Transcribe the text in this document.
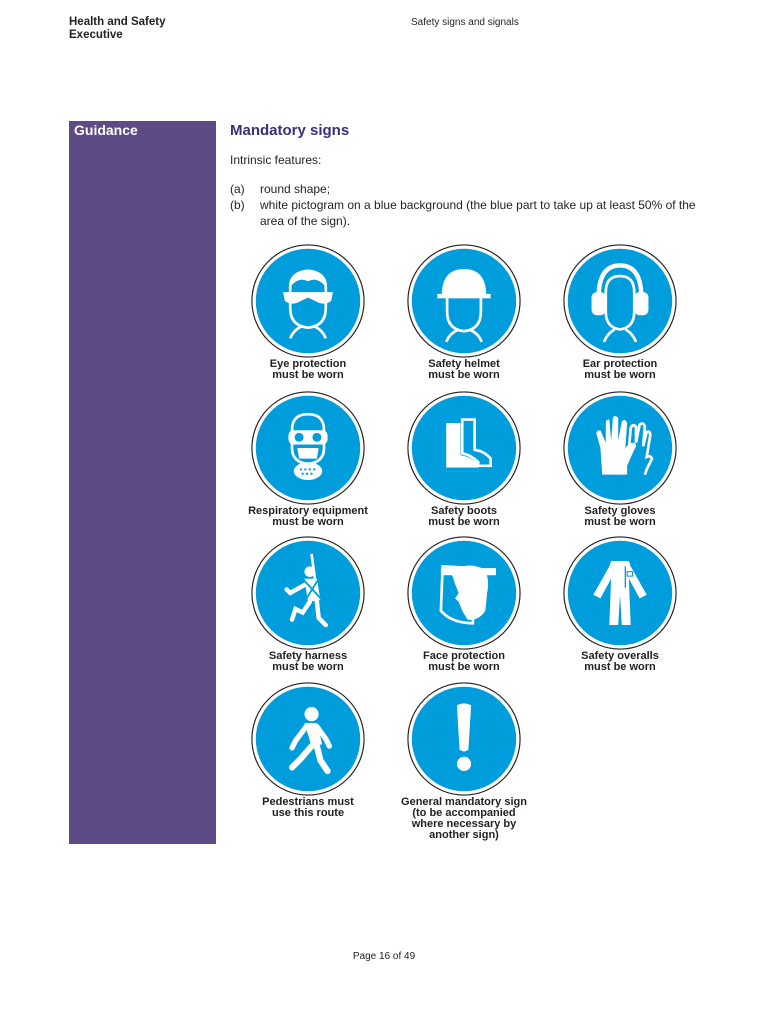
Health and Safety
Executive
Safety signs and signals
Guidance	Mandatory signs
Intrinsic features:
(a) round shape;
(b) white pictogram on a blue background (the blue part to take up at least 50% of the area of the sign).
Eye protection
must be worn
Safety helmet
must be worn
Ear protection
must be worn
Respiratory equipment
must be worn
Safety boots
must be worn
Safety gloves
must be worn
Safety harness
must be worn
Face protection
must be worn
Safety overalls
must be worn
Pedestrians must
use this route
General mandatory sign
(to be accompanied
where necessary by
another sign)
Page 16 of 49
